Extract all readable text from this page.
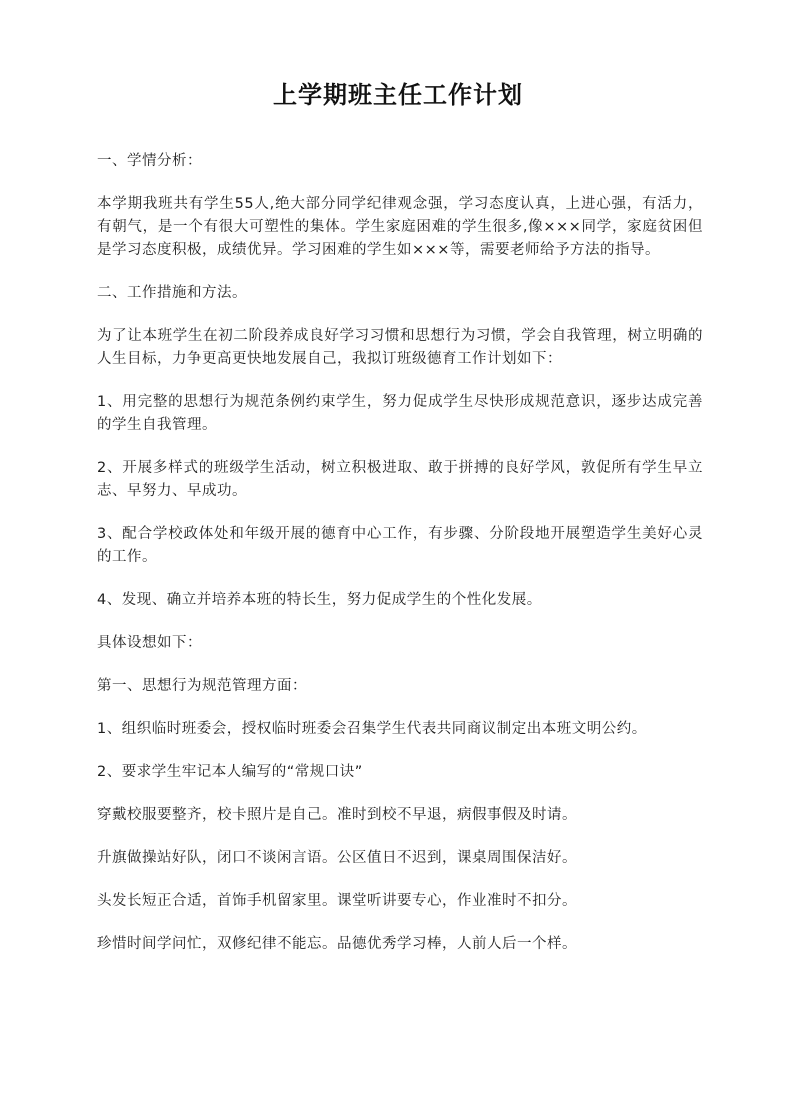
上学期班主任工作计划

一、学情分析：

本学期我班共有学生55人,绝大部分同学纪律观念强，学习态度认真，上进心强，有活力，有朝气，是一个有很大可塑性的集体。学生家庭困难的学生很多,像×××同学，家庭贫困但是学习态度积极，成绩优异。学习困难的学生如×××等，需要老师给予方法的指导。

二、工作措施和方法。

为了让本班学生在初二阶段养成良好学习习惯和思想行为习惯，学会自我管理，树立明确的人生目标，力争更高更快地发展自己，我拟订班级德育工作计划如下：

1、用完整的思想行为规范条例约束学生，努力促成学生尽快形成规范意识，逐步达成完善的学生自我管理。

2、开展多样式的班级学生活动，树立积极进取、敢于拼搏的良好学风，敦促所有学生早立志、早努力、早成功。

3、配合学校政体处和年级开展的德育中心工作，有步骤、分阶段地开展塑造学生美好心灵的工作。

4、发现、确立并培养本班的特长生，努力促成学生的个性化发展。

具体设想如下：

第一、思想行为规范管理方面：

1、组织临时班委会，授权临时班委会召集学生代表共同商议制定出本班文明公约。

2、要求学生牢记本人编写的“常规口诀”

穿戴校服要整齐，校卡照片是自己。准时到校不早退，病假事假及时请。

升旗做操站好队，闭口不谈闲言语。公区值日不迟到，课桌周围保洁好。

头发长短正合适，首饰手机留家里。课堂听讲要专心，作业准时不扣分。

珍惜时间学问忙，双修纪律不能忘。品德优秀学习棒，人前人后一个样。
